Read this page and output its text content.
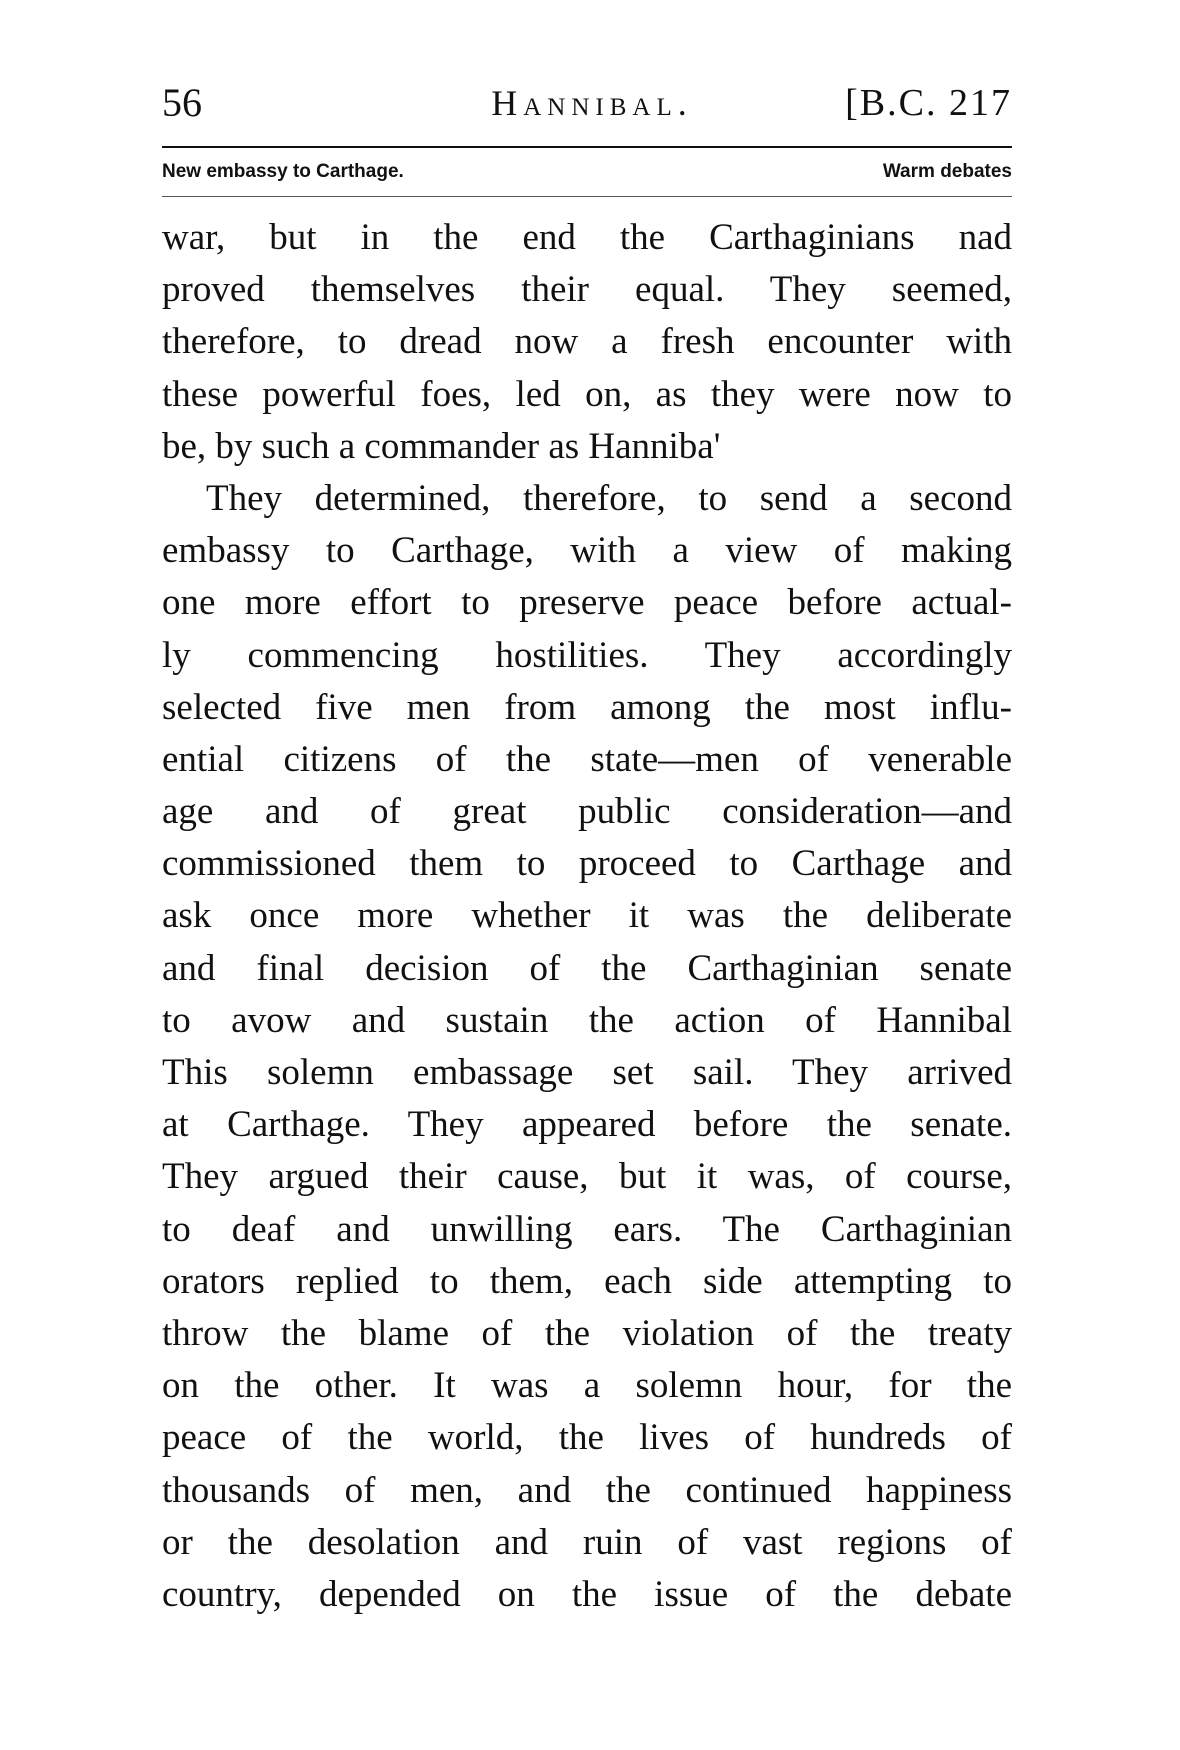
56	Hannibal.	[B.C. 217
New embassy to Carthage.	Warm debates
war, but in the end the Carthaginians nad
proved themselves their equal. They seemed,
therefore, to dread now a fresh encounter with
these powerful foes, led on, as they were now to
be, by such a commander as Hanniba'
They determined, therefore, to send a second
embassy to Carthage, with a view of making
one more effort to preserve peace before actual-
ly commencing hostilities. They accordingly
selected five men from among the most influ-
ential citizens of the state—men of venerable
age and of great public consideration—and
commissioned them to proceed to Carthage and
ask once more whether it was the deliberate
and final decision of the Carthaginian senate
to avow and sustain the action of Hannibal
This solemn embassage set sail. They arrived
at Carthage. They appeared before the senate.
They argued their cause, but it was, of course,
to deaf and unwilling ears. The Carthaginian
orators replied to them, each side attempting to
throw the blame of the violation of the treaty
on the other. It was a solemn hour, for the
peace of the world, the lives of hundreds of
thousands of men, and the continued happiness
or the desolation and ruin of vast regions of
country, depended on the issue of the debate
